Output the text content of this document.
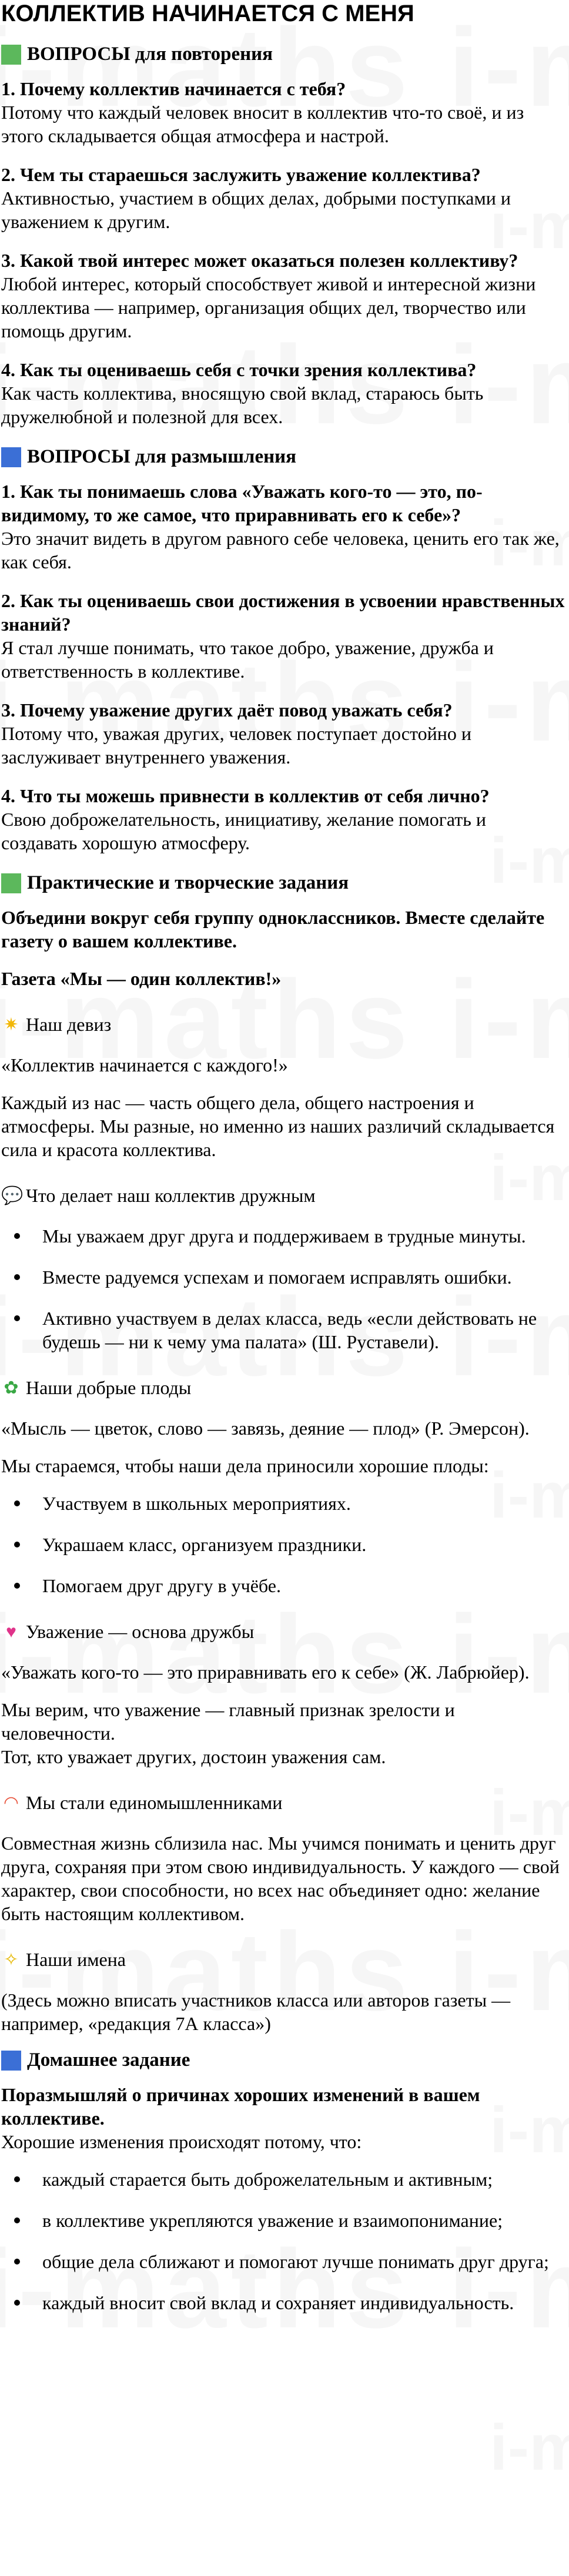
КОЛЛЕКТИВ НАЧИНАЕТСЯ С МЕНЯ
ВОПРОСЫ для повторения
1. Почему коллектив начинается с тебя?
Потому что каждый человек вносит в коллектив что-то своё, и из этого складывается общая атмосфера и настрой.
2. Чем ты стараешься заслужить уважение коллектива?
Активностью, участием в общих делах, добрыми поступками и уважением к другим.
3. Какой твой интерес может оказаться полезен коллективу?
Любой интерес, который способствует живой и интересной жизни коллектива — например, организация общих дел, творчество или помощь другим.
4. Как ты оцениваешь себя с точки зрения коллектива?
Как часть коллектива, вносящую свой вклад, стараюсь быть дружелюбной и полезной для всех.
ВОПРОСЫ для размышления
1. Как ты понимаешь слова «Уважать кого-то — это, по-видимому, то же самое, что приравнивать его к себе»?
Это значит видеть в другом равного себе человека, ценить его так же, как себя.
2. Как ты оцениваешь свои достижения в усвоении нравственных знаний?
Я стал лучше понимать, что такое добро, уважение, дружба и ответственность в коллективе.
3. Почему уважение других даёт повод уважать себя?
Потому что, уважая других, человек поступает достойно и заслуживает внутреннего уважения.
4. Что ты можешь привнести в коллектив от себя лично?
Свою доброжелательность, инициативу, желание помогать и создавать хорошую атмосферу.
Практические и творческие задания

Объедини вокруг себя группу одноклассников. Вместе сделайте газету о вашем коллективе.

Газета «Мы — один коллектив!»

✷ Наш девиз

«Коллектив начинается с каждого!»

Каждый из нас — часть общего дела, общего настроения и атмосферы. Мы разные, но именно из наших различий складывается сила и красота коллектива.

💬 Что делает наш коллектив дружным
Мы уважаем друг друга и поддерживаем в трудные минуты.
Вместе радуемся успехам и помогаем исправлять ошибки.
Активно участвуем в делах класса, ведь «если действовать не будешь — ни к чему ума палата» (Ш. Руставели).
✿ Наши добрые плоды

«Мысль — цветок, слово — завязь, деяние — плод» (Р. Эмерсон).

Мы стараемся, чтобы наши дела приносили хорошие плоды:

Участвуем в школьных мероприятиях.
Украшаем класс, организуем праздники.
Помогаем друг другу в учёбе.
♥ Уважение — основа дружбы

«Уважать кого-то — это приравнивать его к себе» (Ж. Лабрюйер).

Мы верим, что уважение — главный признак зрелости и человечности.

Тот, кто уважает других, достоин уважения сам.

◠ Мы стали единомышленниками

Совместная жизнь сблизила нас. Мы учимся понимать и ценить друг друга, сохраняя при этом свою индивидуальность. У каждого — свой характер, свои способности, но всех нас объединяет одно: желание быть настоящим коллективом.

✧ Наши имена

(Здесь можно вписать участников класса или авторов газеты — например, «редакция 7А класса»)

Домашнее задание

Поразмышляй о причинах хороших изменений в вашем коллективе.

Хорошие изменения происходят потому, что:

каждый старается быть доброжелательным и активным;
в коллективе укрепляются уважение и взаимопонимание;
общие дела сближают и помогают лучше понимать друг друга;
каждый вносит свой вклад и сохраняет индивидуальность.
